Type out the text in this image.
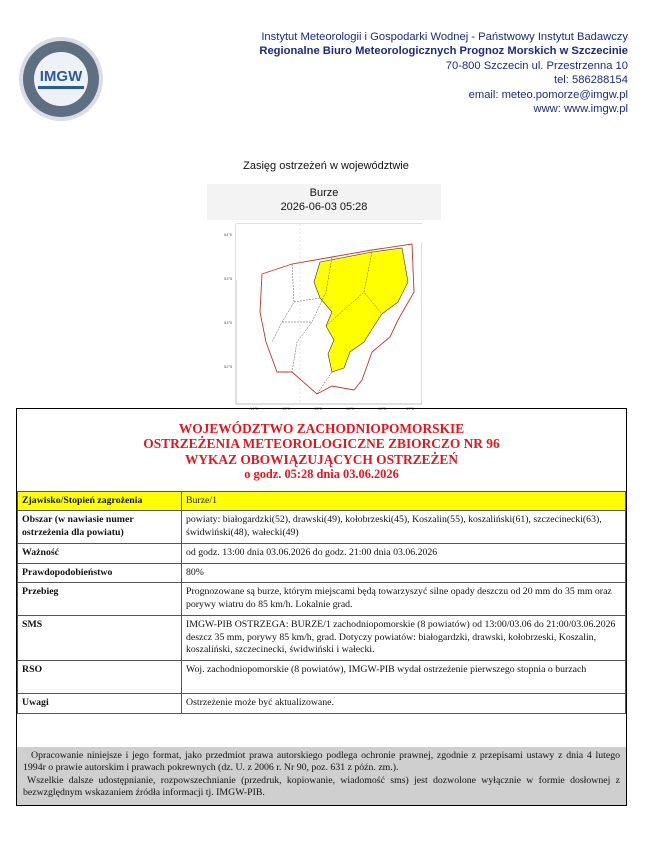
IMGW
Instytut Meteorologii i Gospodarki Wodnej - Państwowy Instytut Badawczy
Regionalne Biuro Meteorologicznych Prognoz Morskich w Szczecinie
70-800 Szczecin ul. Przestrzenna 10
tel: 586288154
email: meteo.pomorze@imgw.pl
www: www.imgw.pl
Zasięg ostrzeżeń w województwie
Burze
2026-06-03 05:28
54°0
53°5
53°0
52°5
14°0	15°0	15°5	16°0	16°5	17°0
WOJEWÓDZTWO ZACHODNIOPOMORSKIE
OSTRZEŻENIA METEOROLOGICZNE ZBIORCZO NR 96
WYKAZ OBOWIĄZUJĄCYCH OSTRZEŻEŃ
o godz. 05:28 dnia 03.06.2026
Zjawisko/Stopień zagrożenia	Burze/1
Obszar (w nawiasie numer ostrzeżenia dla powiatu)	powiaty: białogardzki(52), drawski(49), kołobrzeski(45), Koszalin(55), koszaliński(61), szczecinecki(63), świdwiński(48), wałecki(49)
Ważność	od godz. 13:00 dnia 03.06.2026 do godz. 21:00 dnia 03.06.2026
Prawdopodobieństwo	80%
Przebieg	Prognozowane są burze, którym miejscami będą towarzyszyć silne opady deszczu od 20 mm do 35 mm oraz porywy wiatru do 85 km/h. Lokalnie grad.
SMS	IMGW-PIB OSTRZEGA: BURZE/1 zachodniopomorskie (8 powiatów) od 13:00/03.06 do 21:00/03.06.2026 deszcz 35 mm, porywy 85 km/h, grad. Dotyczy powiatów: białogardzki, drawski, kołobrzeski, Koszalin, koszaliński, szczecinecki, świdwiński i wałecki.
RSO	Woj. zachodniopomorskie (8 powiatów), IMGW-PIB wydał ostrzeżenie pierwszego stopnia o burzach
Uwagi	Ostrzeżenie może być aktualizowane.
Opracowanie niniejsze i jego format, jako przedmiot prawa autorskiego podlega ochronie prawnej, zgodnie z przepisami ustawy z dnia 4 lutego 1994r o prawie autorskim i prawach pokrewnych (dz. U. z 2006 r. Nr 90, poz. 631 z późn. zm.).
Wszelkie dalsze udostępnianie, rozpowszechnianie (przedruk, kopiowanie, wiadomość sms) jest dozwolone wyłącznie w formie dosłownej z bezwzględnym wskazaniem źródła informacji tj. IMGW-PIB.
